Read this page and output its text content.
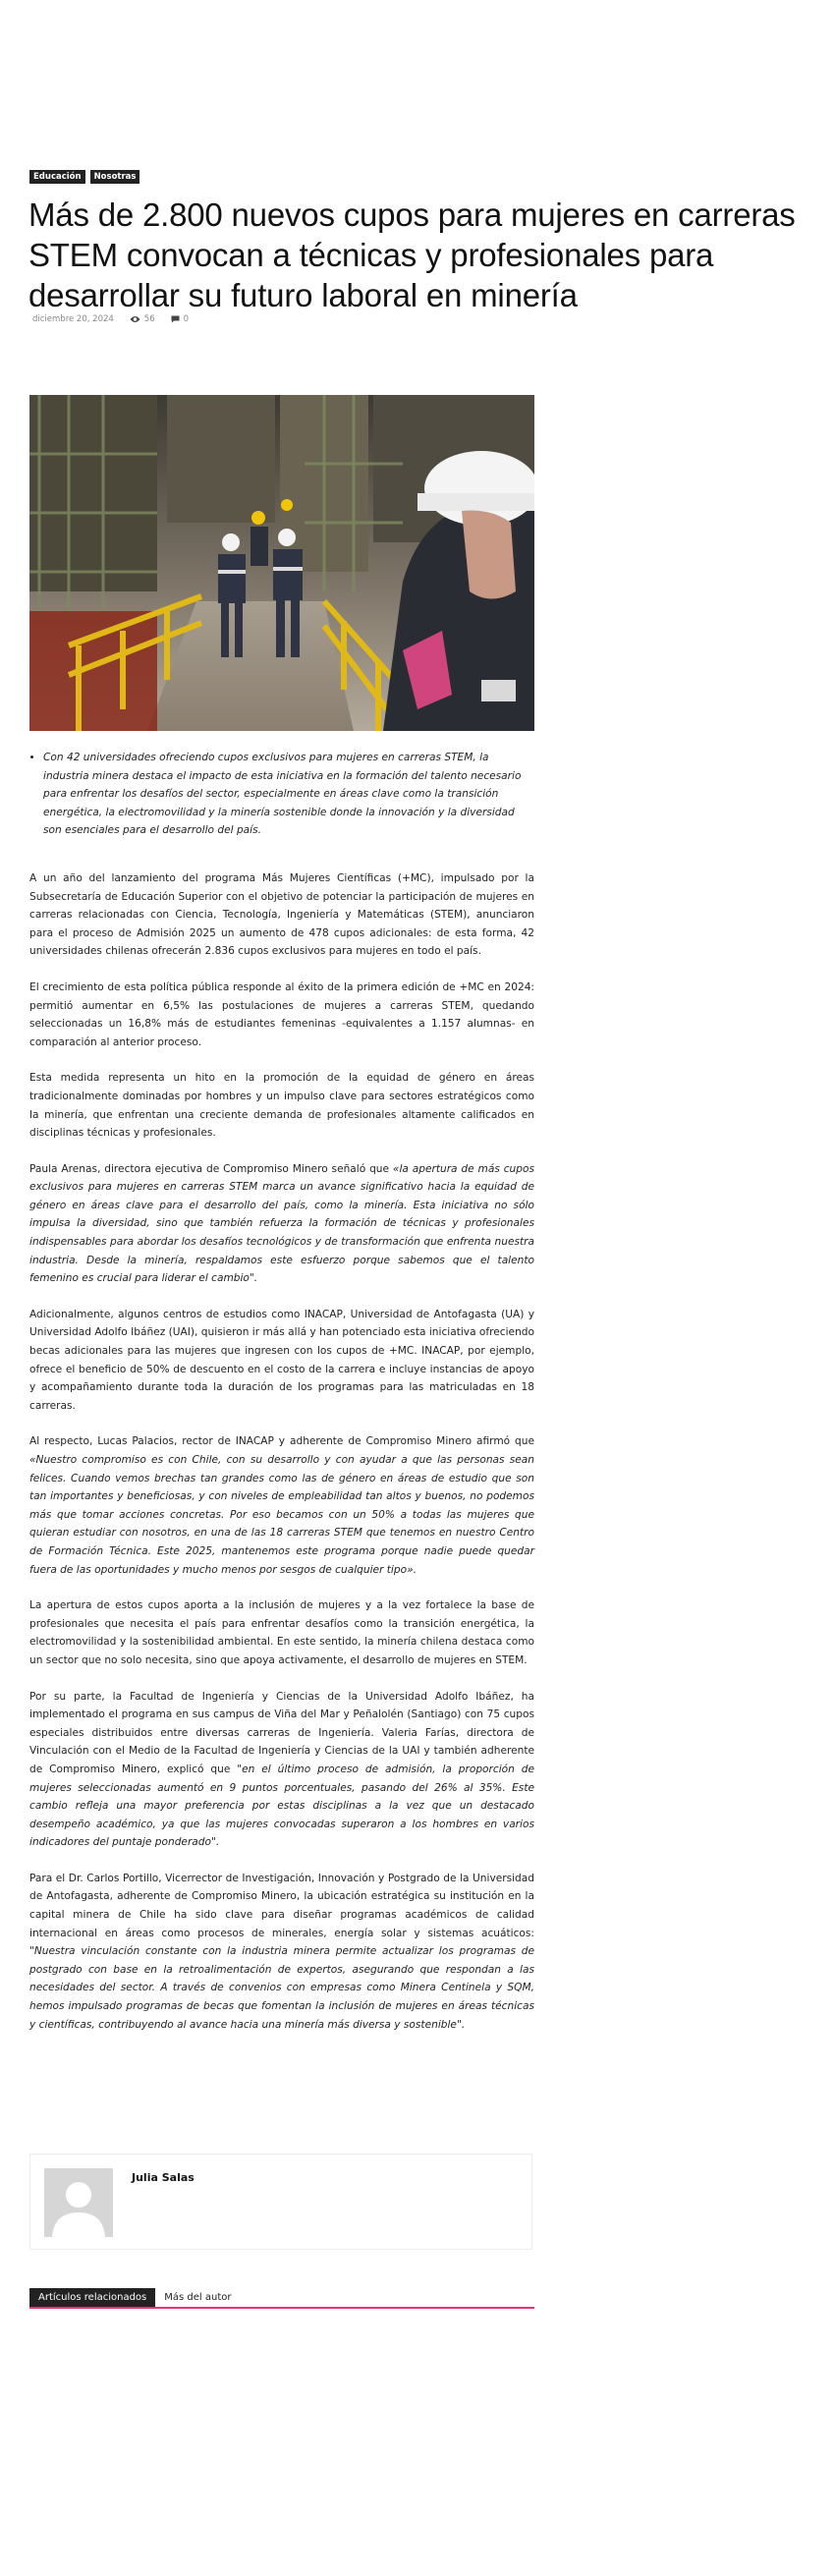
Educación	Nosotras
Más de 2.800 nuevos cupos para mujeres en carreras STEM convocan a técnicas y profesionales para desarrollar su futuro laboral en minería
diciembre 20, 2024	56	0
• Con 42 universidades ofreciendo cupos exclusivos para mujeres en carreras STEM, la industria minera destaca el impacto de esta iniciativa en la formación del talento necesario para enfrentar los desafíos del sector, especialmente en áreas clave como la transición energética, la electromovilidad y la minería sostenible donde la innovación y la diversidad son esenciales para el desarrollo del país.

A un año del lanzamiento del programa Más Mujeres Científicas (+MC), impulsado por la Subsecretaría de Educación Superior con el objetivo de potenciar la participación de mujeres en carreras relacionadas con Ciencia, Tecnología, Ingeniería y Matemáticas (STEM), anunciaron para el proceso de Admisión 2025 un aumento de 478 cupos adicionales: de esta forma, 42 universidades chilenas ofrecerán 2.836 cupos exclusivos para mujeres en todo el país.

El crecimiento de esta política pública responde al éxito de la primera edición de +MC en 2024: permitió aumentar en 6,5% las postulaciones de mujeres a carreras STEM, quedando seleccionadas un 16,8% más de estudiantes femeninas -equivalentes a 1.157 alumnas- en comparación al anterior proceso.

Esta medida representa un hito en la promoción de la equidad de género en áreas tradicionalmente dominadas por hombres y un impulso clave para sectores estratégicos como la minería, que enfrentan una creciente demanda de profesionales altamente calificados en disciplinas técnicas y profesionales.

Paula Arenas, directora ejecutiva de Compromiso Minero señaló que «la apertura de más cupos exclusivos para mujeres en carreras STEM marca un avance significativo hacia la equidad de género en áreas clave para el desarrollo del país, como la minería. Esta iniciativa no sólo impulsa la diversidad, sino que también refuerza la formación de técnicas y profesionales indispensables para abordar los desafíos tecnológicos y de transformación que enfrenta nuestra industria. Desde la minería, respaldamos este esfuerzo porque sabemos que el talento femenino es crucial para liderar el cambio".

Adicionalmente, algunos centros de estudios como INACAP, Universidad de Antofagasta (UA) y Universidad Adolfo Ibáñez (UAI), quisieron ir más allá y han potenciado esta iniciativa ofreciendo becas adicionales para las mujeres que ingresen con los cupos de +MC. INACAP, por ejemplo, ofrece el beneficio de 50% de descuento en el costo de la carrera e incluye instancias de apoyo y acompañamiento durante toda la duración de los programas para las matriculadas en 18 carreras.

Al respecto, Lucas Palacios, rector de INACAP y adherente de Compromiso Minero afirmó que «Nuestro compromiso es con Chile, con su desarrollo y con ayudar a que las personas sean felices. Cuando vemos brechas tan grandes como las de género en áreas de estudio que son tan importantes y beneficiosas, y con niveles de empleabilidad tan altos y buenos, no podemos más que tomar acciones concretas. Por eso becamos con un 50% a todas las mujeres que quieran estudiar con nosotros, en una de las 18 carreras STEM que tenemos en nuestro Centro de Formación Técnica. Este 2025, mantenemos este programa porque nadie puede quedar fuera de las oportunidades y mucho menos por sesgos de cualquier tipo».

La apertura de estos cupos aporta a la inclusión de mujeres y a la vez fortalece la base de profesionales que necesita el país para enfrentar desafíos como la transición energética, la electromovilidad y la sostenibilidad ambiental. En este sentido, la minería chilena destaca como un sector que no solo necesita, sino que apoya activamente, el desarrollo de mujeres en STEM.

Por su parte, la Facultad de Ingeniería y Ciencias de la Universidad Adolfo Ibáñez, ha implementado el programa en sus campus de Viña del Mar y Peñalolén (Santiago) con 75 cupos especiales distribuidos entre diversas carreras de Ingeniería. Valeria Farías, directora de Vinculación con el Medio de la Facultad de Ingeniería y Ciencias de la UAI y también adherente de Compromiso Minero, explicó que "en el último proceso de admisión, la proporción de mujeres seleccionadas aumentó en 9 puntos porcentuales, pasando del 26% al 35%. Este cambio refleja una mayor preferencia por estas disciplinas a la vez que un destacado desempeño académico, ya que las mujeres convocadas superaron a los hombres en varios indicadores del puntaje ponderado".

Para el Dr. Carlos Portillo, Vicerrector de Investigación, Innovación y Postgrado de la Universidad de Antofagasta, adherente de Compromiso Minero, la ubicación estratégica su institución en la capital minera de Chile ha sido clave para diseñar programas académicos de calidad internacional en áreas como procesos de minerales, energía solar y sistemas acuáticos: "Nuestra vinculación constante con la industria minera permite actualizar los programas de postgrado con base en la retroalimentación de expertos, asegurando que respondan a las necesidades del sector. A través de convenios con empresas como Minera Centinela y SQM, hemos impulsado programas de becas que fomentan la inclusión de mujeres en áreas técnicas y científicas, contribuyendo al avance hacia una minería más diversa y sostenible".

Julia Salas
Artículos relacionados	Más del autor
